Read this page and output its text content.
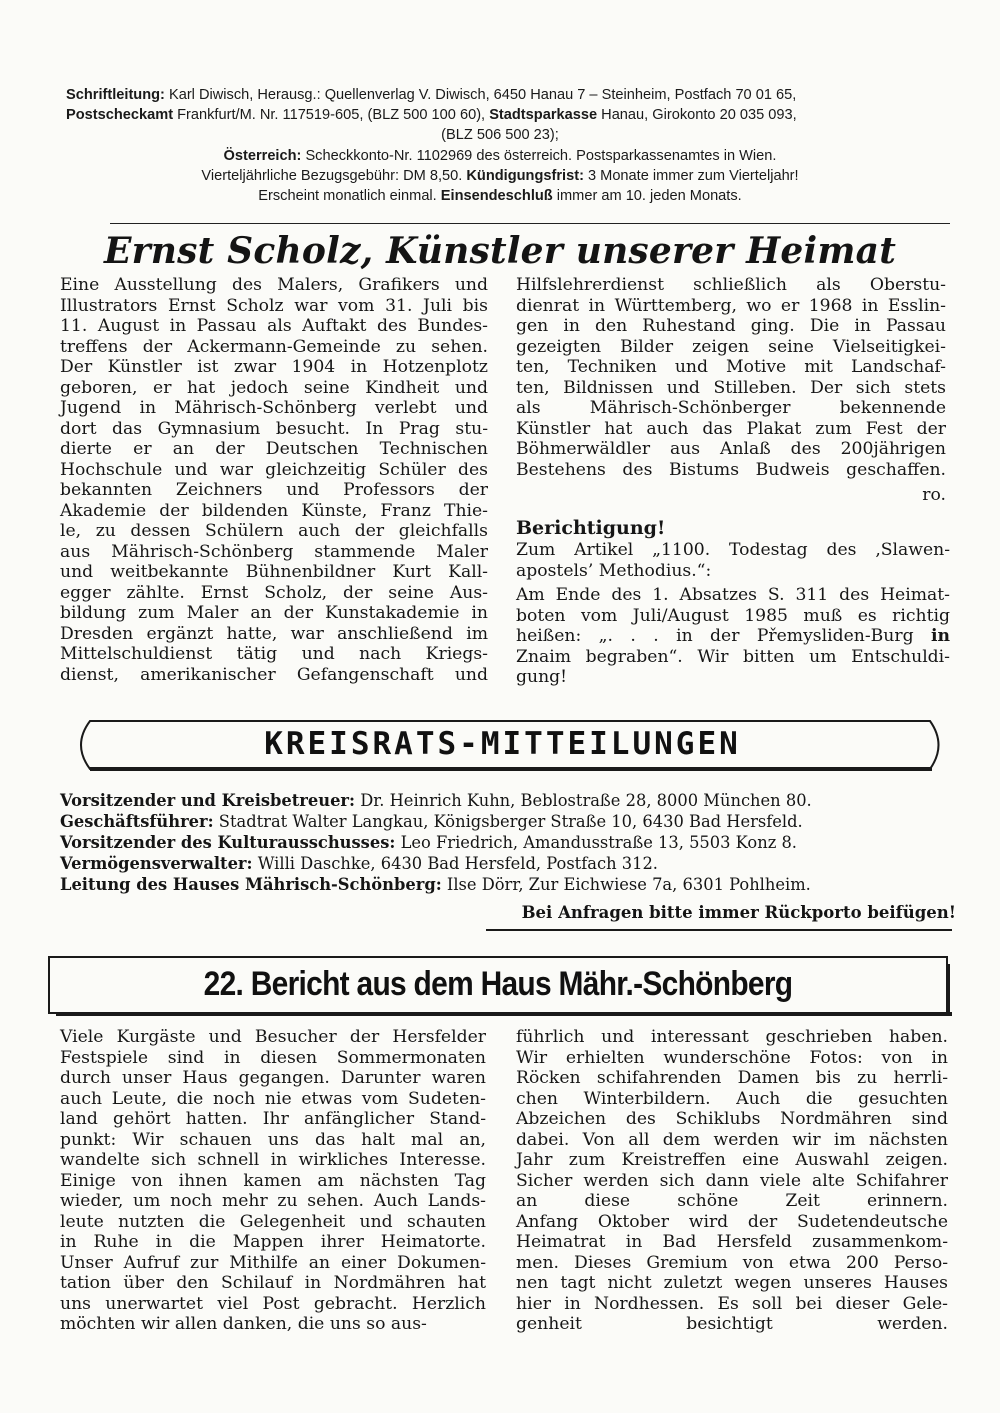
Schriftleitung: Karl Diwisch, Herausg.: Quellenverlag V. Diwisch, 6450 Hanau 7 – Steinheim, Postfach 70 01 65,
Postscheckamt Frankfurt/M. Nr. 117519-605, (BLZ 500 100 60), Stadtsparkasse Hanau, Girokonto 20 035 093,
(BLZ 506 500 23);
Österreich: Scheckkonto-Nr. 1102969 des österreich. Postsparkassenamtes in Wien.
Vierteljährliche Bezugsgebühr: DM 8,50. Kündigungsfrist: 3 Monate immer zum Vierteljahr!
Erscheint monatlich einmal. Einsendeschluß immer am 10. jeden Monats.
Ernst Scholz, Künstler unserer Heimat
Eine Ausstellung des Malers, Grafikers und
Illustrators Ernst Scholz war vom 31. Juli bis
11. August in Passau als Auftakt des Bundes-
treffens der Ackermann-Gemeinde zu sehen.
Der Künstler ist zwar 1904 in Hotzenplotz
geboren, er hat jedoch seine Kindheit und
Jugend in Mährisch-Schönberg verlebt und
dort das Gymnasium besucht. In Prag stu-
dierte er an der Deutschen Technischen
Hochschule und war gleichzeitig Schüler des
bekannten Zeichners und Professors der
Akademie der bildenden Künste, Franz Thie-
le, zu dessen Schülern auch der gleichfalls
aus Mährisch-Schönberg stammende Maler
und weitbekannte Bühnenbildner Kurt Kall-
egger zählte. Ernst Scholz, der seine Aus-
bildung zum Maler an der Kunstakademie in
Dresden ergänzt hatte, war anschließend im
Mittelschuldienst tätig und nach Kriegs-
dienst, amerikanischer Gefangenschaft und
Hilfslehrerdienst schließlich als Oberstu-
dienrat in Württemberg, wo er 1968 in Esslin-
gen in den Ruhestand ging. Die in Passau
gezeigten Bilder zeigen seine Vielseitigkei-
ten, Techniken und Motive mit Landschaf-
ten, Bildnissen und Stilleben. Der sich stets
als Mährisch-Schönberger bekennende
Künstler hat auch das Plakat zum Fest der
Böhmerwäldler aus Anlaß des 200jährigen
Bestehens des Bistums Budweis geschaffen.
ro.
Berichtigung!
Zum Artikel „1100. Todestag des ‚Slawen-
apostels’ Methodius.“:
Am Ende des 1. Absatzes S. 311 des Heimat-
boten vom Juli/August 1985 muß es richtig
heißen: „. . . in der Přemysliden-Burg in
Znaim begraben“. Wir bitten um Entschuldi-
gung!
KREISRATS-MITTEILUNGEN
Vorsitzender und Kreisbetreuer: Dr. Heinrich Kuhn, Beblostraße 28, 8000 München 80.
Geschäftsführer: Stadtrat Walter Langkau, Königsberger Straße 10, 6430 Bad Hersfeld.
Vorsitzender des Kulturausschusses: Leo Friedrich, Amandusstraße 13, 5503 Konz 8.
Vermögensverwalter: Willi Daschke, 6430 Bad Hersfeld, Postfach 312.
Leitung des Hauses Mährisch-Schönberg: Ilse Dörr, Zur Eichwiese 7a, 6301 Pohlheim.
Bei Anfragen bitte immer Rückporto beifügen!
22. Bericht aus dem Haus Mähr.-Schönberg
Viele Kurgäste und Besucher der Hersfelder
Festspiele sind in diesen Sommermonaten
durch unser Haus gegangen. Darunter waren
auch Leute, die noch nie etwas vom Sudeten-
land gehört hatten. Ihr anfänglicher Stand-
punkt: Wir schauen uns das halt mal an,
wandelte sich schnell in wirkliches Interesse.
Einige von ihnen kamen am nächsten Tag
wieder, um noch mehr zu sehen. Auch Lands-
leute nutzten die Gelegenheit und schauten
in Ruhe in die Mappen ihrer Heimatorte.
Unser Aufruf zur Mithilfe an einer Dokumen-
tation über den Schilauf in Nordmähren hat
uns unerwartet viel Post gebracht. Herzlich
möchten wir allen danken, die uns so aus-
führlich und interessant geschrieben haben.
Wir erhielten wunderschöne Fotos: von in
Röcken schifahrenden Damen bis zu herrli-
chen Winterbildern. Auch die gesuchten
Abzeichen des Schiklubs Nordmähren sind
dabei. Von all dem werden wir im nächsten
Jahr zum Kreistreffen eine Auswahl zeigen.
Sicher werden sich dann viele alte Schifahrer
an diese schöne Zeit erinnern.
Anfang Oktober wird der Sudetendeutsche
Heimatrat in Bad Hersfeld zusammenkom-
men. Dieses Gremium von etwa 200 Perso-
nen tagt nicht zuletzt wegen unseres Hauses
hier in Nordhessen. Es soll bei dieser Gele-
genheit besichtigt werden.
